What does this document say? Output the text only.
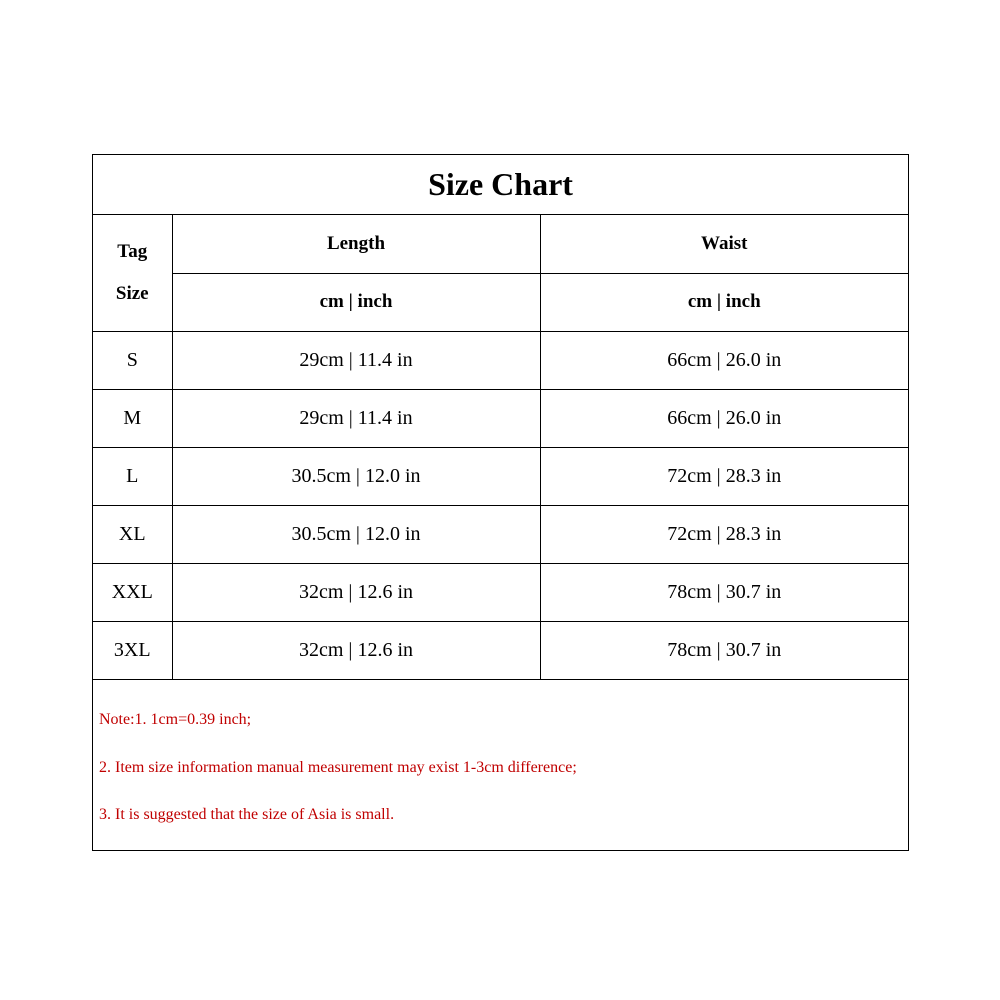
Size Chart
Tag
Size	Length	Waist
	cm | inch	cm | inch
S	29cm | 11.4 in	66cm | 26.0 in
M	29cm | 11.4 in	66cm | 26.0 in
L	30.5cm | 12.0 in	72cm | 28.3 in
XL	30.5cm | 12.0 in	72cm | 28.3 in
XXL	32cm | 12.6 in	78cm | 30.7 in
3XL	32cm | 12.6 in	78cm | 30.7 in
Note:1. 1cm=0.39 inch;
2. Item size information manual measurement may exist 1-3cm difference;
3. It is suggested that the size of Asia is small.
